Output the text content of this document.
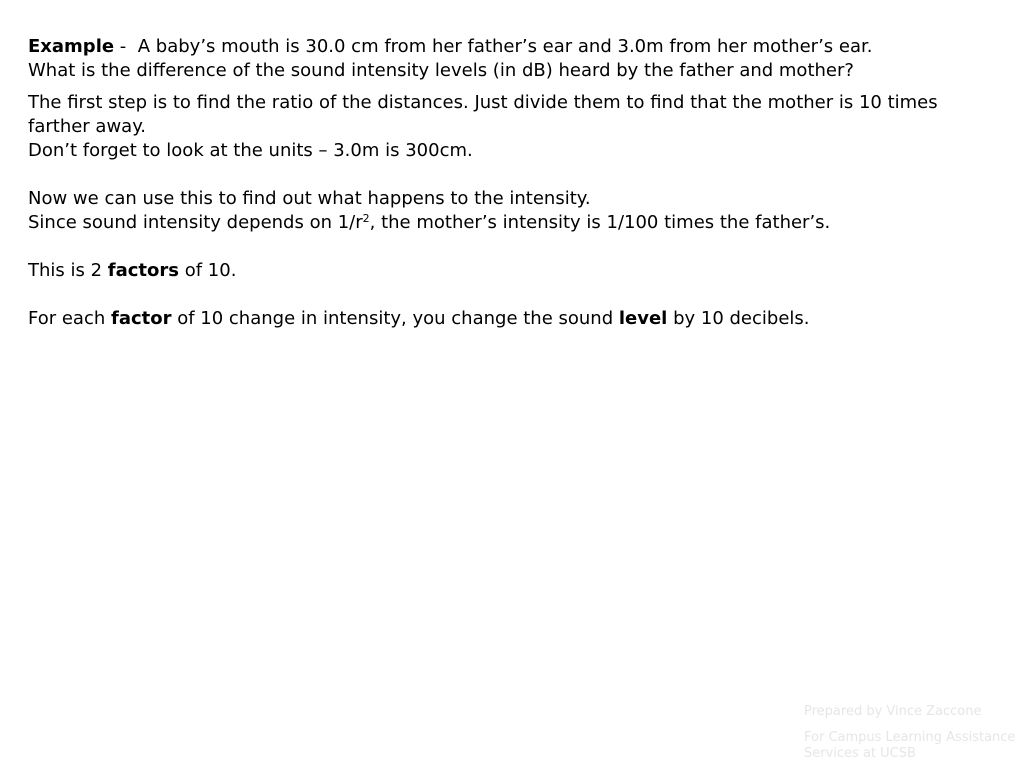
Example -  A baby’s mouth is 30.0 cm from her father’s ear and 3.0m from her mother’s ear.
What is the difference of the sound intensity levels (in dB) heard by the father and mother?
The first step is to find the ratio of the distances. Just divide them to find that the mother is 10 times farther away.
Don’t forget to look at the units – 3.0m is 300cm.
Now we can use this to find out what happens to the intensity.
Since sound intensity depends on $1/r^2$, the mother’s intensity is 1/100 times the father’s.
This is 2 factors of 10.
For each factor of 10 change in intensity, you change the sound level by 10 decibels.
Prepared by Vince Zaccone
For Campus Learning Assistance Services at UCSB
